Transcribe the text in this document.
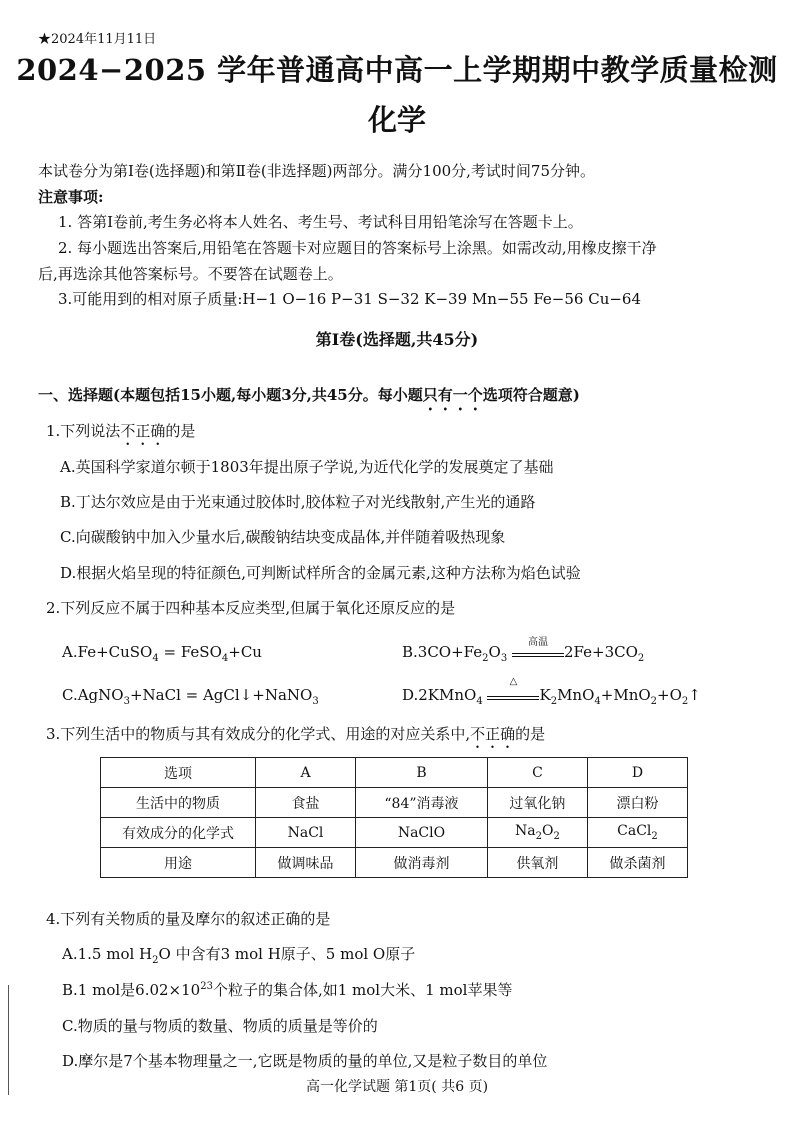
★2024年11月11日
2024−2025 学年普通高中高一上学期期中教学质量检测
化学
本试卷分为第Ⅰ卷(选择题)和第Ⅱ卷(非选择题)两部分。满分100分,考试时间75分钟。
注意事项:
1. 答第Ⅰ卷前,考生务必将本人姓名、考生号、考试科目用铅笔涂写在答题卡上。
2. 每小题选出答案后,用铅笔在答题卡对应题目的答案标号上涂黑。如需改动,用橡皮擦干净
后,再选涂其他答案标号。不要答在试题卷上。
3.可能用到的相对原子质量:H−1 O−16 P−31 S−32 K−39 Mn−55 Fe−56 Cu−64
第Ⅰ卷(选择题,共45分)
一、选择题(本题包括15小题,每小题3分,共45分。每小题只有一个选项符合题意)
1.下列说法不正确的是
A.英国科学家道尔顿于1803年提出原子学说,为近代化学的发展奠定了基础
B.丁达尔效应是由于光束通过胶体时,胶体粒子对光线散射,产生光的通路
C.向碳酸钠中加入少量水后,碳酸钠结块变成晶体,并伴随着吸热现象
D.根据火焰呈现的特征颜色,可判断试样所含的金属元素,这种方法称为焰色试验
2.下列反应不属于四种基本反应类型,但属于氧化还原反应的是
A.Fe+CuSO$_4$ = FeSO$_4$+Cu	$B.3CO+Fe_2O_3$
高温
$2Fe+3CO_2$
C.AgNO$_3$+NaCl = AgCl↓+NaNO$_3$	D.2KMnO$_4$
△
$K_2MnO_4+MnO_2+O_2↑$
3.下列生活中的物质与其有效成分的化学式、用途的对应关系中,不正确的是
选项	A	B	C	D
生活中的物质	食盐	“84”消毒液	过氧化钠	漂白粉
有效成分的化学式	NaCl	NaClO	$Na_2O_2$	CaCl$_2$
用途	做调味品	做消毒剂	供氧剂	做杀菌剂
4.下列有关物质的量及摩尔的叙述正确的是
A.1.5 mol $H_2O$ 中含有3 mol H原子、5 mol O原子
B.1 mol是$6.02\times 10^{23}$个粒子的集合体,如1 mol大米、1 mol苹果等
C.物质的量与物质的数量、物质的质量是等价的
D.摩尔是7个基本物理量之一,它既是物质的量的单位,又是粒子数目的单位
高一化学试题 第1页( 共6 页)
